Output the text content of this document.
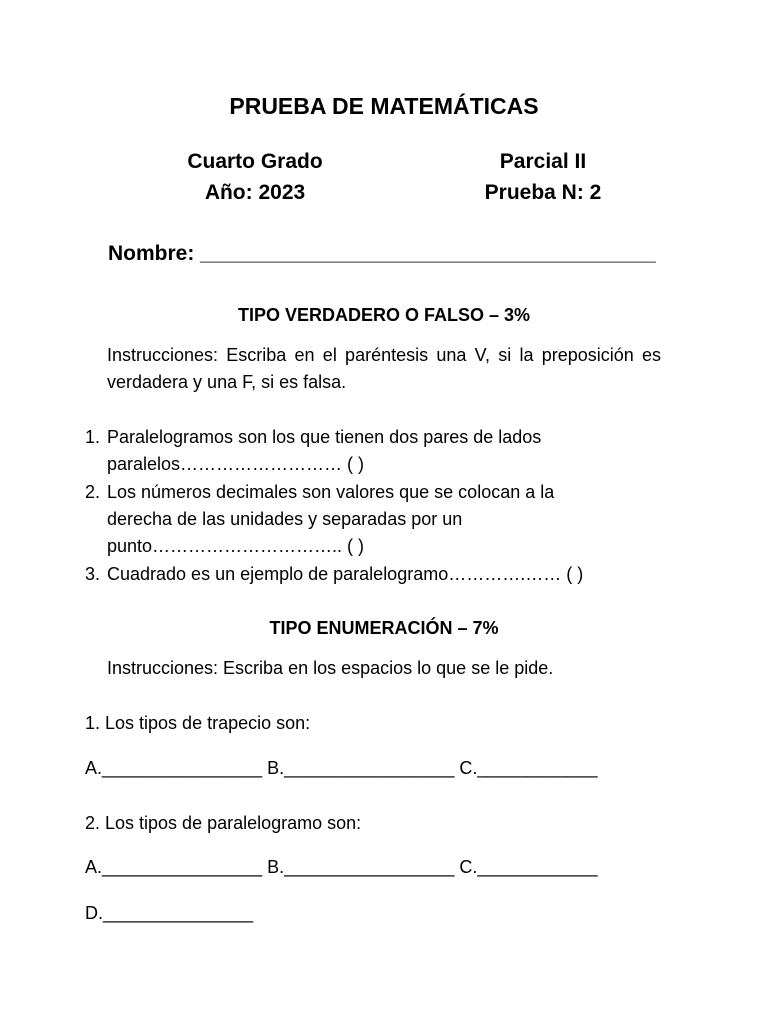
PRUEBA DE MATEMÁTICAS
Cuarto Grado	Parcial II
Año: 2023	Prueba N: 2
Nombre: _______________________________________
TIPO VERDADERO O FALSO – 3%
Instrucciones: Escriba en el paréntesis una V, si la preposición es verdadera y una F, si es falsa.
1. Paralelogramos son los que tienen dos pares de lados
paralelos……………………… ( )
2. Los números decimales son valores que se colocan a la
derecha de las unidades y separadas por un
punto………………………….. ( )
3. Cuadrado es un ejemplo de paralelogramo………….…… ( )
TIPO ENUMERACIÓN – 7%
Instrucciones: Escriba en los espacios lo que se le pide.
1. Los tipos de trapecio son:
A.________________ B._________________ C.____________
2. Los tipos de paralelogramo son:
A.________________ B._________________ C.____________
D._______________
